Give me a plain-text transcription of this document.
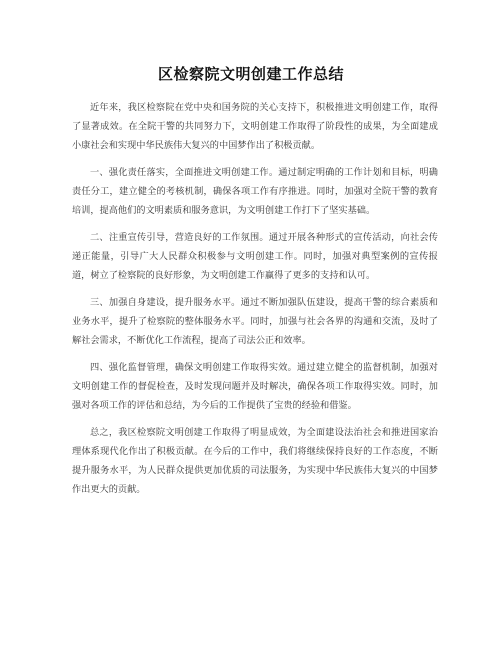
区检察院文明创建工作总结

近年来，我区检察院在党中央和国务院的关心支持下，积极推进文明创建工作，取得了显著成效。在全院干警的共同努力下，文明创建工作取得了阶段性的成果，为全面建成小康社会和实现中华民族伟大复兴的中国梦作出了积极贡献。

一、强化责任落实，全面推进文明创建工作。通过制定明确的工作计划和目标，明确责任分工，建立健全的考核机制，确保各项工作有序推进。同时，加强对全院干警的教育培训，提高他们的文明素质和服务意识，为文明创建工作打下了坚实基础。

二、注重宣传引导，营造良好的工作氛围。通过开展各种形式的宣传活动，向社会传递正能量，引导广大人民群众积极参与文明创建工作。同时，加强对典型案例的宣传报道，树立了检察院的良好形象，为文明创建工作赢得了更多的支持和认可。

三、加强自身建设，提升服务水平。通过不断加强队伍建设，提高干警的综合素质和业务水平，提升了检察院的整体服务水平。同时，加强与社会各界的沟通和交流，及时了解社会需求，不断优化工作流程，提高了司法公正和效率。

四、强化监督管理，确保文明创建工作取得实效。通过建立健全的监督机制，加强对文明创建工作的督促检查，及时发现问题并及时解决，确保各项工作取得实效。同时，加强对各项工作的评估和总结，为今后的工作提供了宝贵的经验和借鉴。

总之，我区检察院文明创建工作取得了明显成效，为全面建设法治社会和推进国家治理体系现代化作出了积极贡献。在今后的工作中，我们将继续保持良好的工作态度，不断提升服务水平，为人民群众提供更加优质的司法服务，为实现中华民族伟大复兴的中国梦作出更大的贡献。
